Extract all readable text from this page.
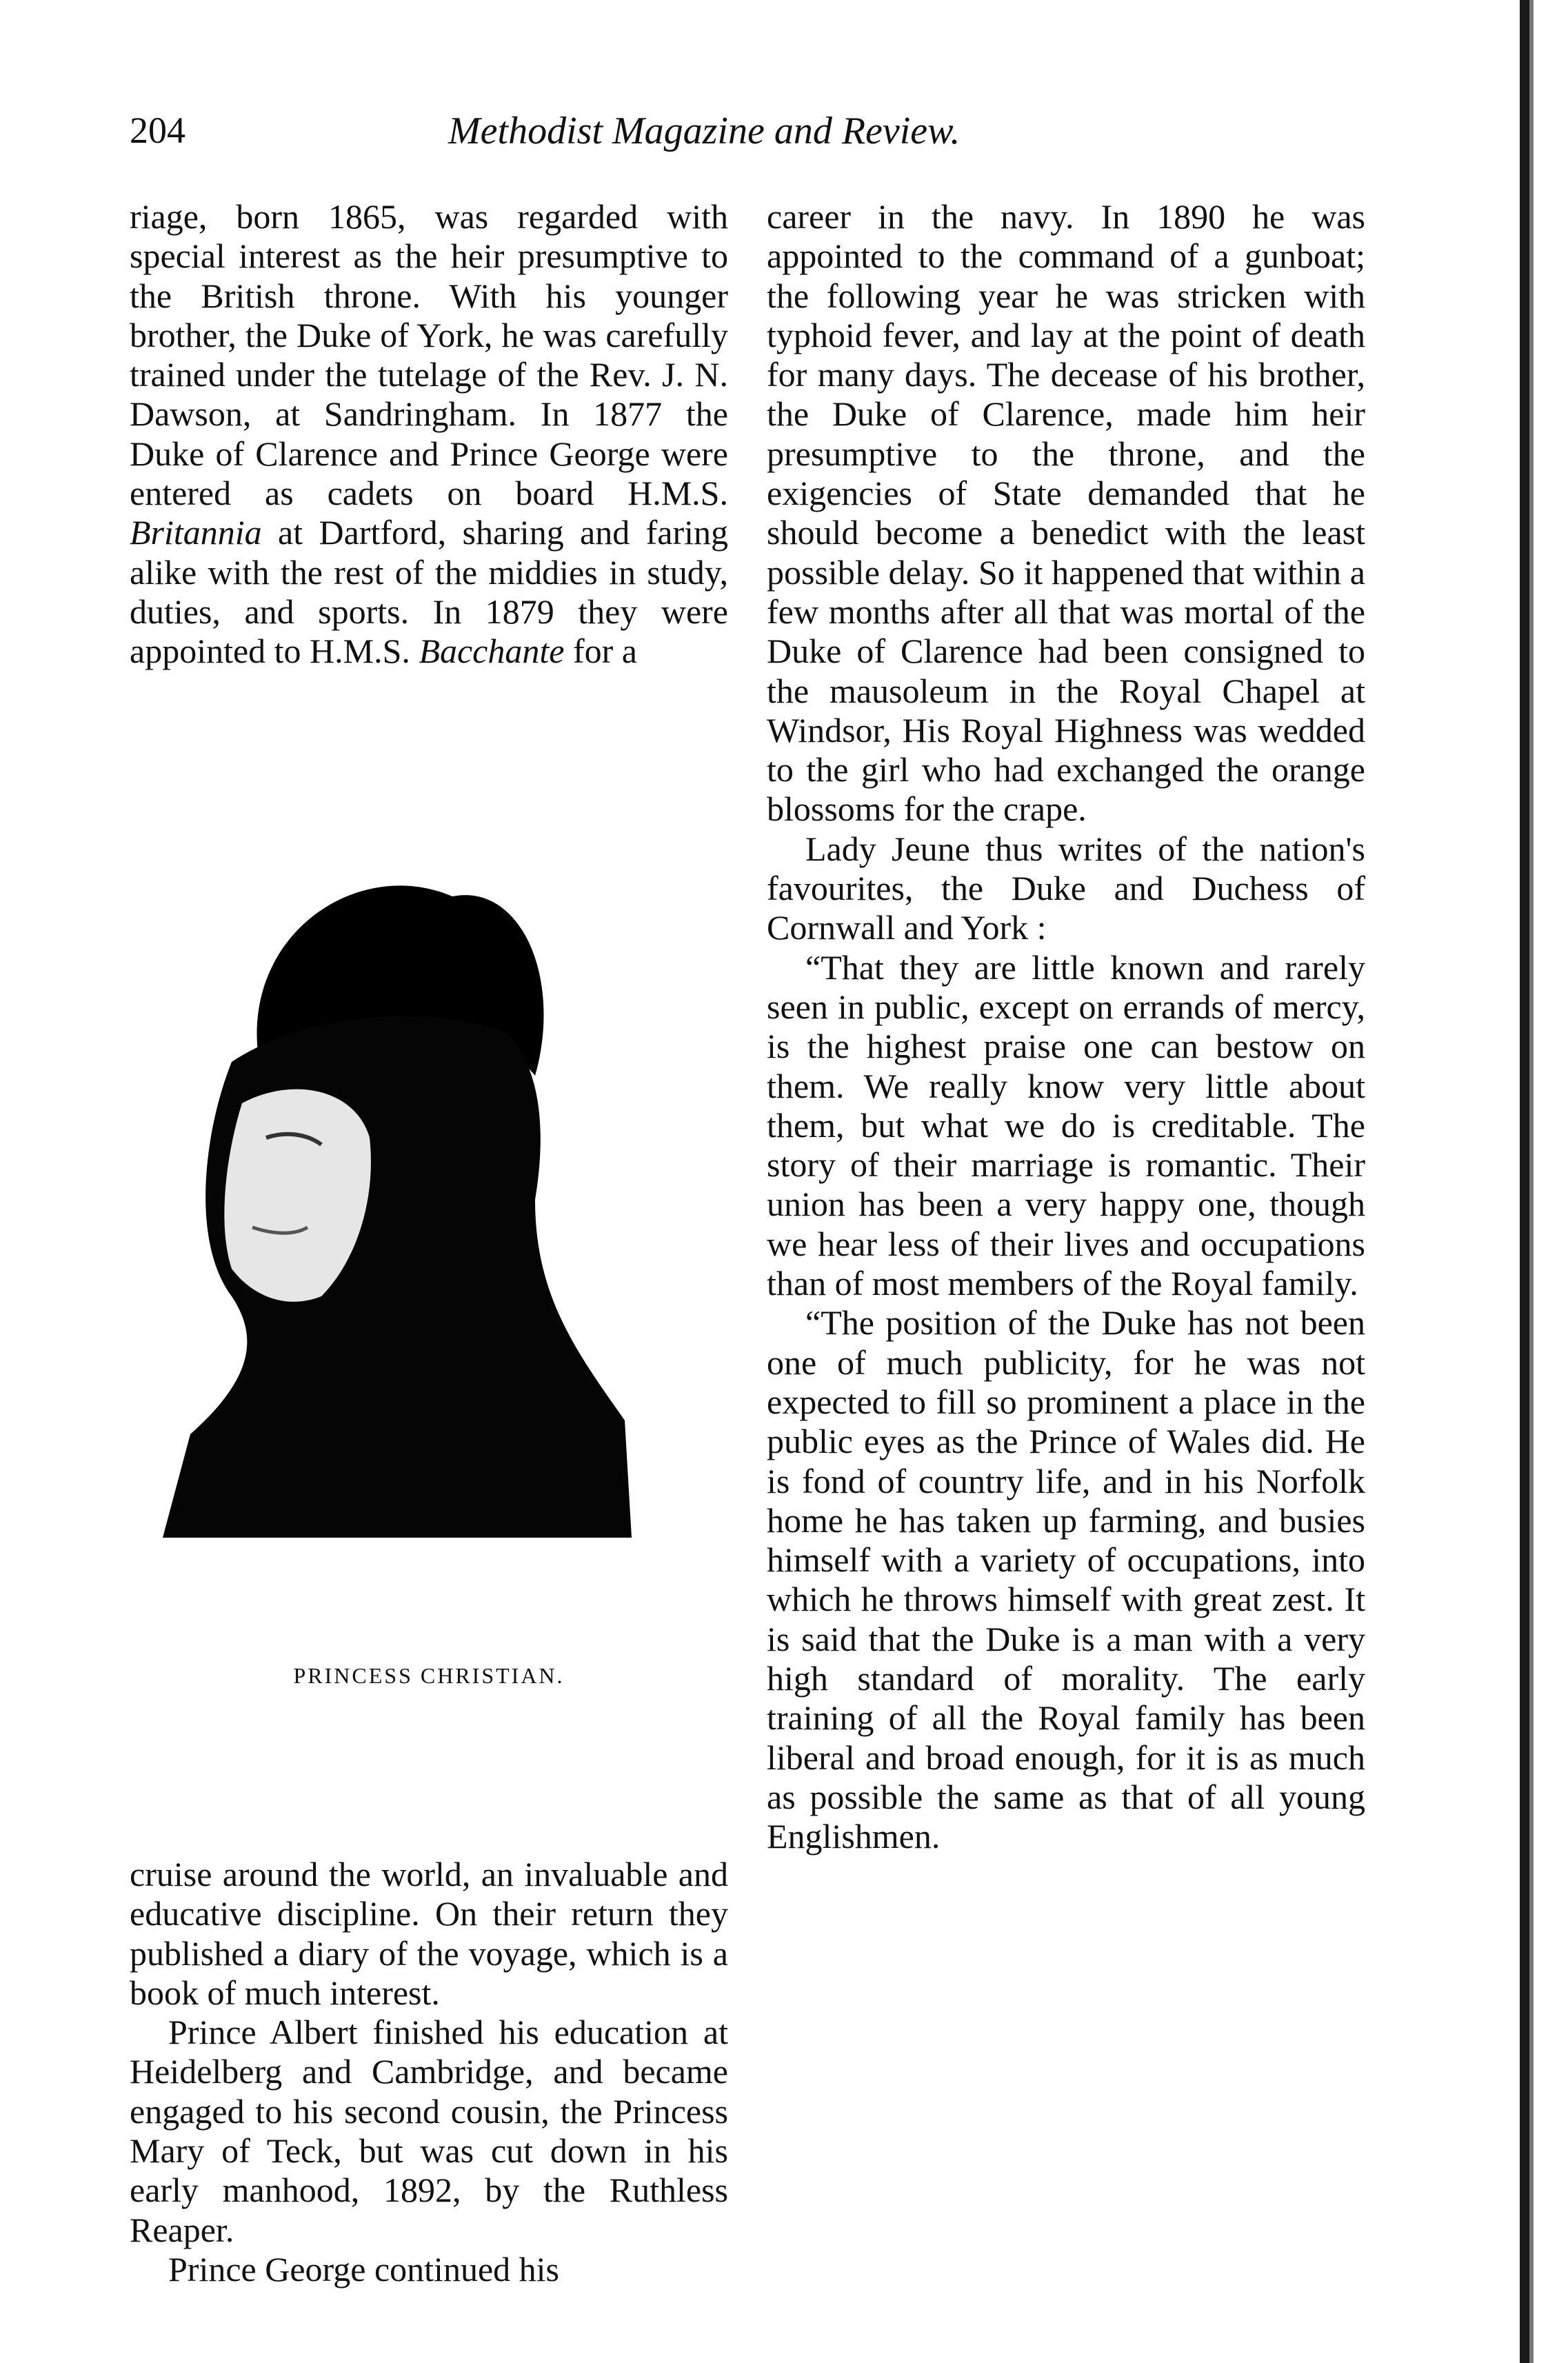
204	Methodist Magazine and Review.

riage, born 1865, was regarded with special interest as the heir presumptive to the British throne. With his younger brother, the Duke of York, he was carefully trained under the tutelage of the Rev. J. N. Dawson, at Sandringham. In 1877 the Duke of Clarence and Prince George were entered as cadets on board H.M.S. Britannia at Dartford, sharing and faring alike with the rest of the middies in study, duties, and sports. In 1879 they were appointed to H.M.S. Bacchante for a

PRINCESS CHRISTIAN.

cruise around the world, an invaluable and educative discipline. On their return they published a diary of the voyage, which is a book of much interest.

Prince Albert finished his education at Heidelberg and Cambridge, and became engaged to his second cousin, the Princess Mary of Teck, but was cut down in his early manhood, 1892, by the Ruthless Reaper.

Prince George continued his

career in the navy. In 1890 he was appointed to the command of a gunboat; the following year he was stricken with typhoid fever, and lay at the point of death for many days. The decease of his brother, the Duke of Clarence, made him heir presumptive to the throne, and the exigencies of State demanded that he should become a benedict with the least possible delay. So it happened that within a few months after all that was mortal of the Duke of Clarence had been consigned to the mausoleum in the Royal Chapel at Windsor, His Royal Highness was wedded to the girl who had exchanged the orange blossoms for the crape.

Lady Jeune thus writes of the nation's favourites, the Duke and Duchess of Cornwall and York :

“That they are little known and rarely seen in public, except on errands of mercy, is the highest praise one can bestow on them. We really know very little about them, but what we do is creditable. The story of their marriage is romantic. Their union has been a very happy one, though we hear less of their lives and occupations than of most members of the Royal family.

“The position of the Duke has not been one of much publicity, for he was not expected to fill so prominent a place in the public eyes as the Prince of Wales did. He is fond of country life, and in his Norfolk home he has taken up farming, and busies himself with a variety of occupations, into which he throws himself with great zest. It is said that the Duke is a man with a very high standard of morality. The early training of all the Royal family has been liberal and broad enough, for it is as much as possible the same as that of all young Englishmen.
